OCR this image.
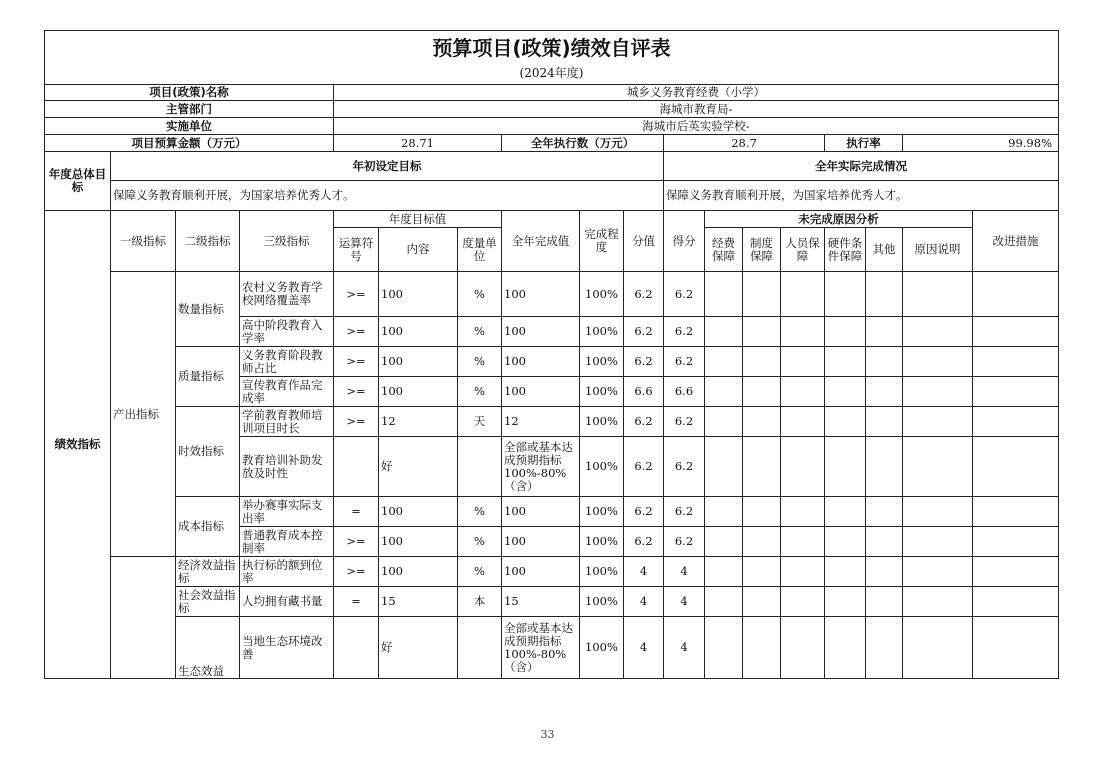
预算项目(政策)绩效自评表																	
(2024年度)																	
项目(政策)名称				城乡义务教育经费（小学）													
主管部门				海城市教育局-													
实施单位				海城市后英实验学校-													
项目预算金额（万元）				28.71			全年执行数（万元）			28.7				执行率		99.98%	
年度总体目标	年初设定目标									全年实际完成情况							
	保障义务教育顺利开展，为国家培养优秀人才。									保障义务教育顺利开展，为国家培养优秀人才。							
绩效指标	一级指标	二级指标	三级指标	年度目标值			全年完成值	完成程度	分值	得分	未完成原因分析						改进措施
				运算符号	内容	度量单位					经费保障	制度保障	人员保障	硬件条件保障	其他	原因说明	
	产出指标	数量指标	农村义务教育学校网络覆盖率	>=	100	%	100	100%	6.2	6.2							
			高中阶段教育入学率	>=	100	%	100	100%	6.2	6.2							
		质量指标	义务教育阶段教师占比	>=	100	%	100	100%	6.2	6.2							
			宣传教育作品完成率	>=	100	%	100	100%	6.6	6.6							
		时效指标	学前教育教师培训项目时长	>=	12	天	12	100%	6.2	6.2							
			教育培训补助发放及时性		好		全部或基本达成预期指标100%-80%（含）	100%	6.2	6.2							
		成本指标	举办赛事实际支出率	=	100	%	100	100%	6.2	6.2							
			普通教育成本控制率	>=	100	%	100	100%	6.2	6.2							
		经济效益指标	执行标的额到位率	>=	100	%	100	100%	4	4							
		社会效益指标	人均拥有藏书量	=	15	本	15	100%	4	4							
		生态效益	当地生态环境改善		好		全部或基本达成预期指标100%-80%（含）	100%	4	4							
33
